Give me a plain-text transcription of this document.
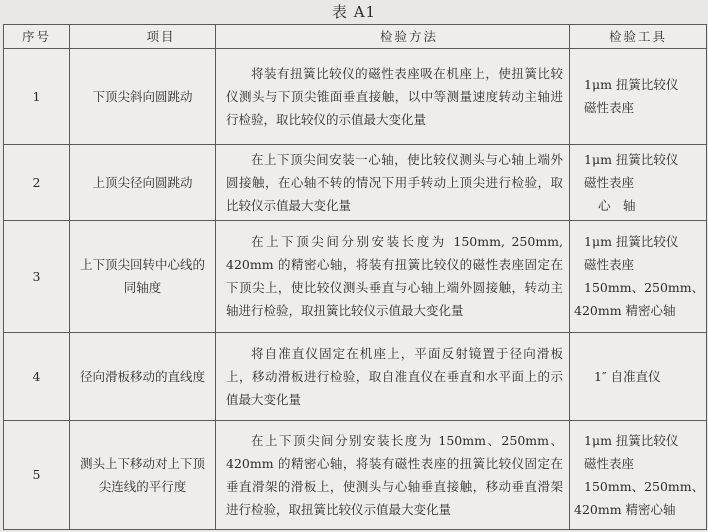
表 A1
序号	项目	检验方法	检验工具
1	下顶尖斜向圆跳动	将装有扭簧比较仪的磁性表座吸在机座上，使扭簧比较仪测头与下顶尖锥面垂直接触，以中等测量速度转动主轴进行检验，取比较仪的示值最大变化量	1μm 扭簧比较仪
磁性表座

2	上顶尖径向圆跳动	在上下顶尖间安装一心轴，使比较仪测头与心轴上端外圆接触，在心轴不转的情况下用手转动上顶尖进行检验，取比较仪示值最大变化量	1μm 扭簧比较仪
磁性表座
心　轴

3	上下顶尖回转中心线的同轴度	在上下顶尖间分别安装长度为 150mm, 250mm, 420mm 的精密心轴，将装有扭簧比较仪的磁性表座固定在下顶尖上，使比较仪测头垂直与心轴上端外圆接触，转动主轴进行检验，取扭簧比较仪示值最大变化量	1μm 扭簧比较仪
磁性表座
150mm、250mm、
420mm 精密心轴

4	径向滑板移动的直线度	将自准直仪固定在机座上，平面反射镜置于径向滑板上，移动滑板进行检验，取自准直仪在垂直和水平面上的示值最大变化量	1″ 自准直仪

5	测头上下移动对上下顶尖连线的平行度	在上下顶尖间分别安装长度为 150mm、250mm、420mm 的精密心轴，将装有磁性表座的扭簧比较仪固定在垂直滑架的滑板上，使测头与心轴垂直接触，移动垂直滑架进行检验，取扭簧比较仪示值最大变化量	1μm 扭簧比较仪
磁性表座
150mm、250mm、
420mm 精密心轴
